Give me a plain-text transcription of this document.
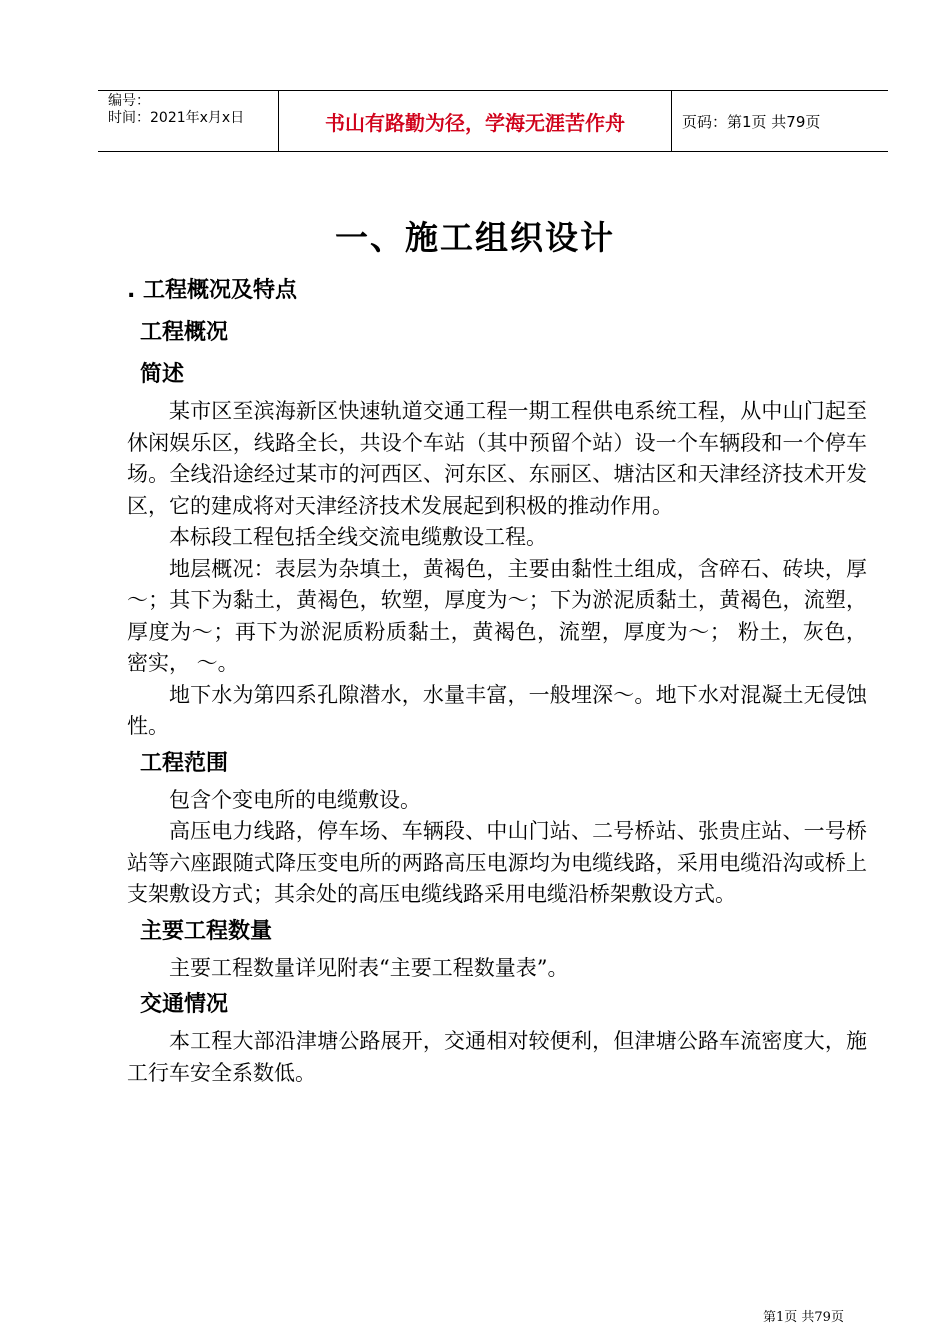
编号：
时间：2021年x月x日	书山有路勤为径，学海无涯苦作舟	页码：第1页 共79页
一、施工组织设计
. 工程概况及特点
工程概况
简述

某市区至滨海新区快速轨道交通工程一期工程供电系统工程，从中山门起至休闲娱乐区，线路全长，共设个车站（其中预留个站）设一个车辆段和一个停车场。全线沿途经过某市的河西区、河东区、东丽区、塘沽区和天津经济技术开发区，它的建成将对天津经济技术发展起到积极的推动作用。

本标段工程包括全线交流电缆敷设工程。

地层概况：表层为杂填土，黄褐色，主要由黏性土组成，含碎石、砖块，厚～；其下为黏土，黄褐色，软塑，厚度为～；下为淤泥质黏土，黄褐色，流塑，厚度为～；再下为淤泥质粉质黏土，黄褐色，流塑，厚度为～； 粉土，灰色，密实， ～。

地下水为第四系孔隙潜水，水量丰富，一般埋深～。地下水对混凝土无侵蚀性。

工程范围

包含个变电所的电缆敷设。

高压电力线路，停车场、车辆段、中山门站、二号桥站、张贵庄站、一号桥站等六座跟随式降压变电所的两路高压电源均为电缆线路，采用电缆沿沟或桥上支架敷设方式；其余处的高压电缆线路采用电缆沿桥架敷设方式。

主要工程数量

主要工程数量详见附表“主要工程数量表”。

交通情况

本工程大部沿津塘公路展开，交通相对较便利，但津塘公路车流密度大，施工行车安全系数低。

第1页 共79页
